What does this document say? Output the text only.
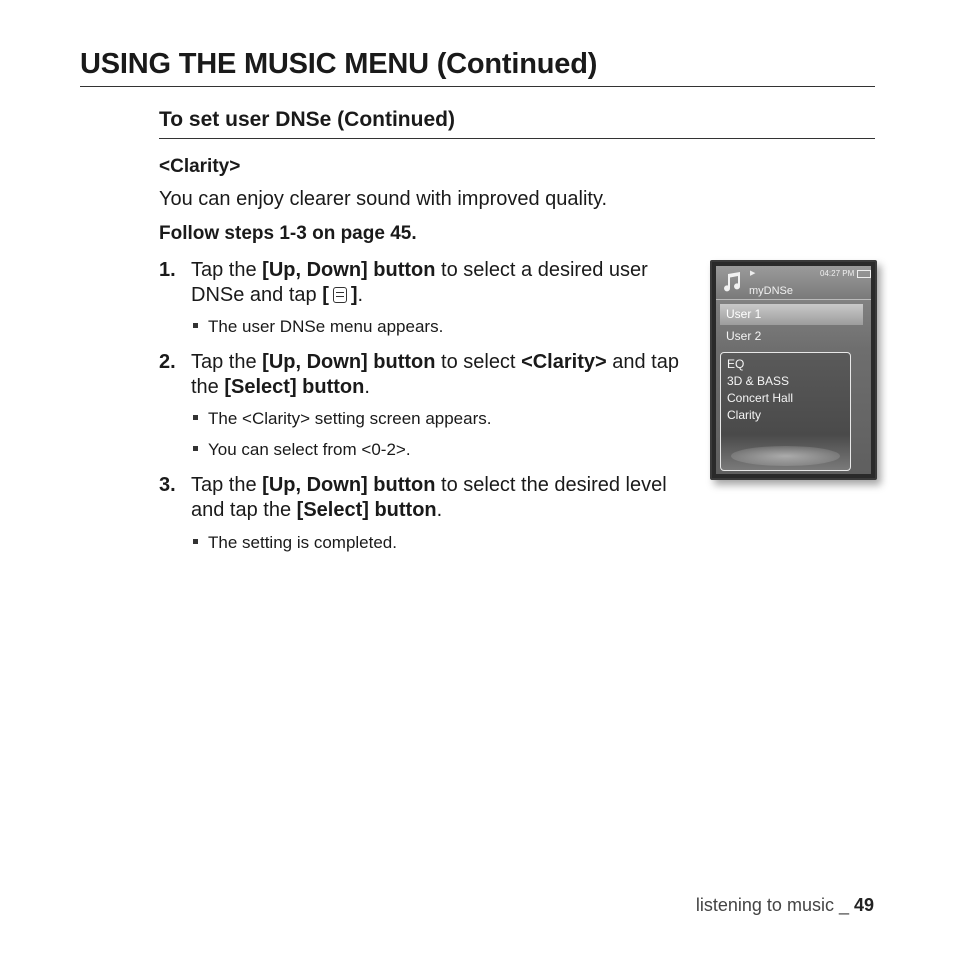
USING THE MUSIC MENU (Continued)
To set user DNSe (Continued)
<Clarity>
You can enjoy clearer sound with improved quality.
Follow steps 1-3 on page 45.
1. Tap the [Up, Down] button to select a desired user DNSe and tap [ ].
The user DNSe menu appears.
2. Tap the [Up, Down] button to select <Clarity> and tap the [Select] button.
The <Clarity> setting screen appears.
You can select from <0-2>.
3. Tap the [Up, Down] button to select the desired level and tap the [Select] button.
The setting is completed.
▶	04:27 PM
myDNSe
User 1
User 2
EQ
3D & BASS
Concert Hall
Clarity
listening to music _ 49
